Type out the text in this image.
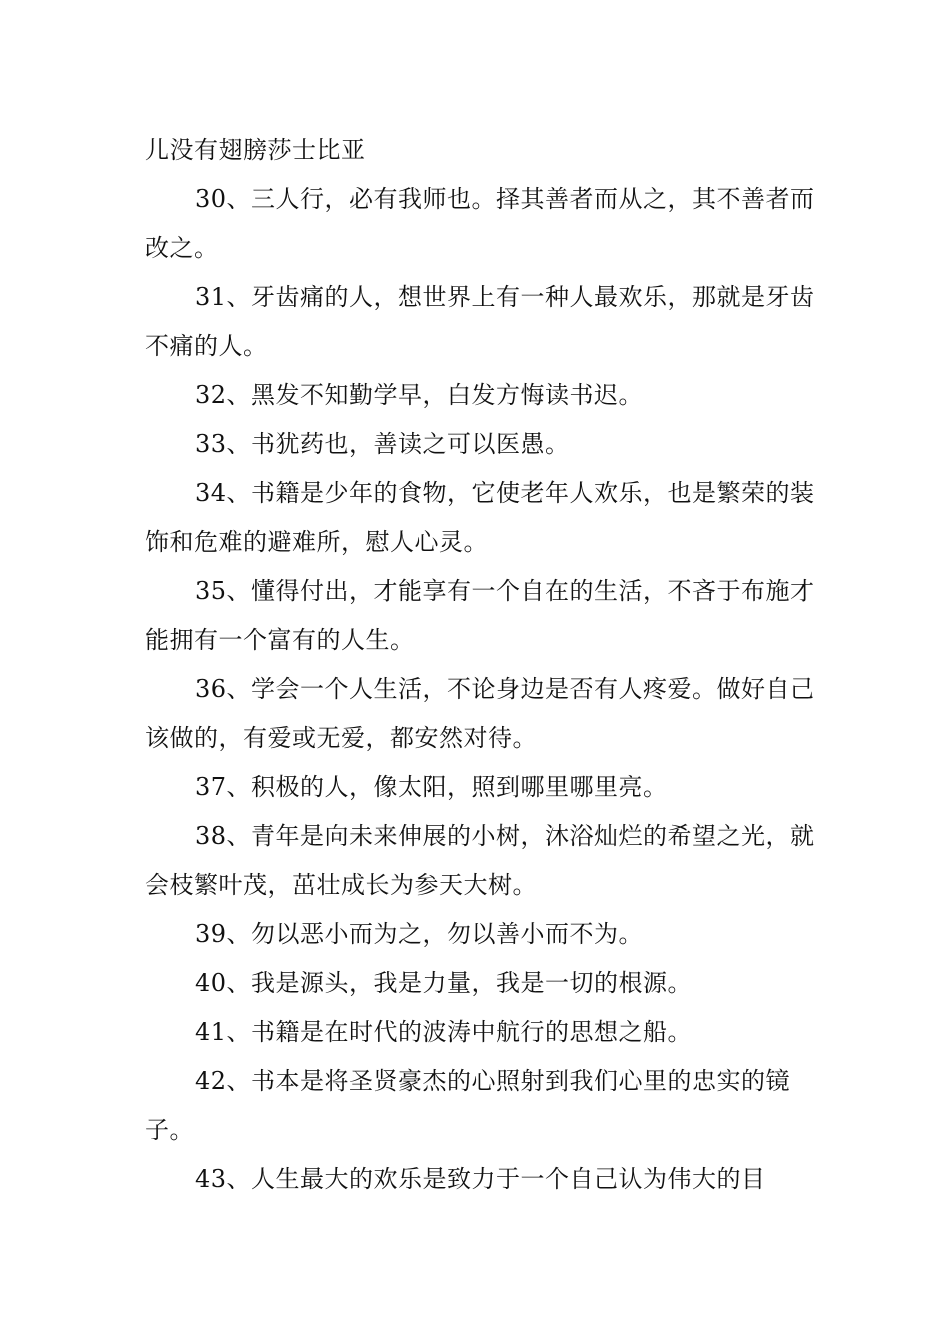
儿没有翅膀莎士比亚

30、三人行，必有我师也。择其善者而从之，其不善者而改之。

31、牙齿痛的人，想世界上有一种人最欢乐，那就是牙齿不痛的人。

32、黑发不知勤学早，白发方悔读书迟。

33、书犹药也，善读之可以医愚。

34、书籍是少年的食物，它使老年人欢乐，也是繁荣的装饰和危难的避难所，慰人心灵。

35、懂得付出，才能享有一个自在的生活，不吝于布施才能拥有一个富有的人生。

36、学会一个人生活，不论身边是否有人疼爱。做好自己该做的，有爱或无爱，都安然对待。

37、积极的人，像太阳，照到哪里哪里亮。

38、青年是向未来伸展的小树，沐浴灿烂的希望之光，就会枝繁叶茂，茁壮成长为参天大树。

39、勿以恶小而为之，勿以善小而不为。

40、我是源头，我是力量，我是一切的根源。

41、书籍是在时代的波涛中航行的思想之船。

42、书本是将圣贤豪杰的心照射到我们心里的忠实的镜子。

43、人生最大的欢乐是致力于一个自己认为伟大的目
